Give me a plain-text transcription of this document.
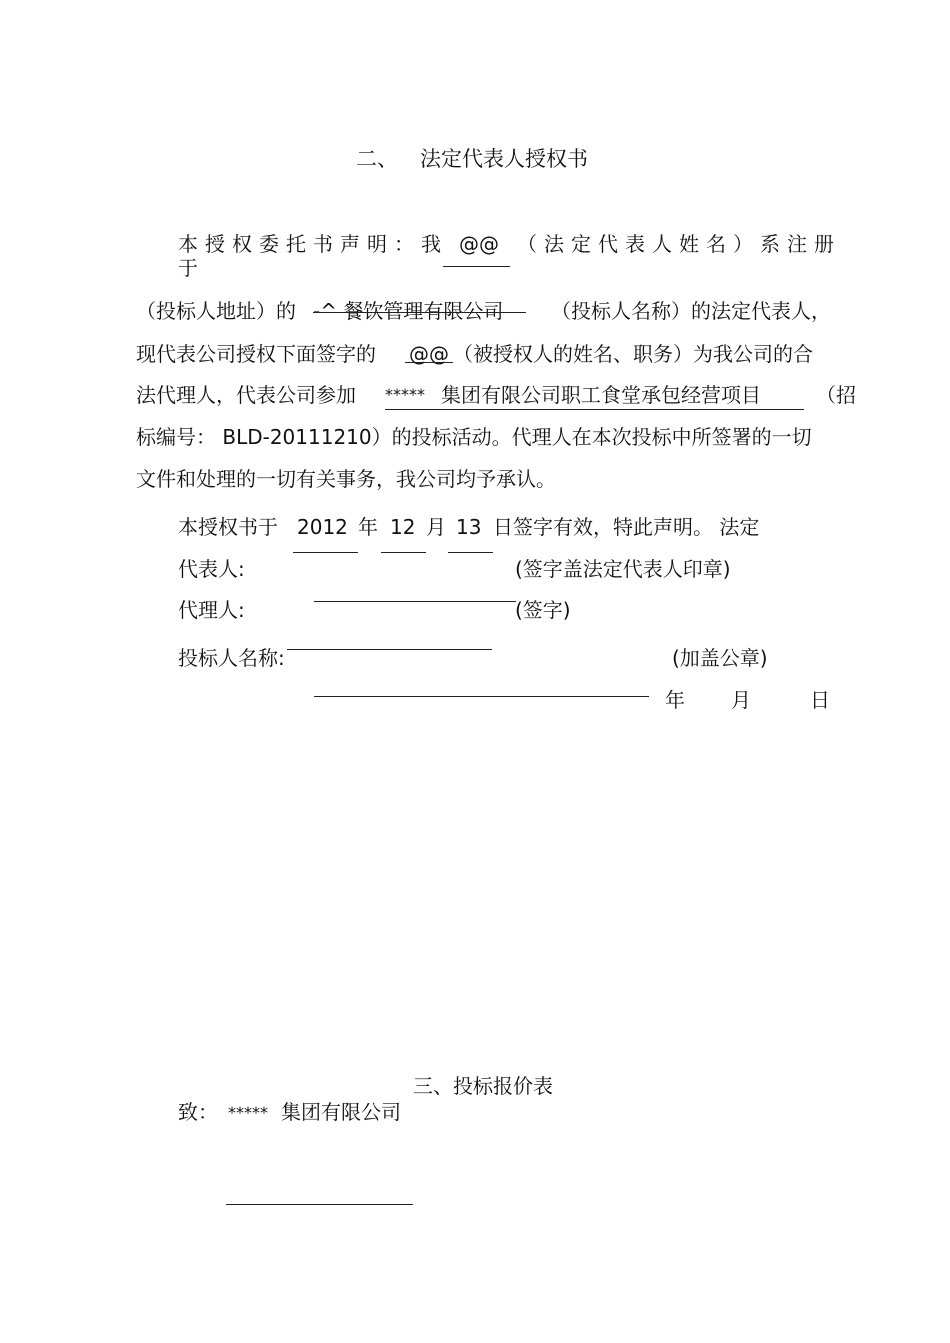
二、 法定代表人授权书
本授权委托书声明：我 @@ （法定代表人姓名）系注册
于
（投标人地址）的 -^ 餐饮管理有限公司 （投标人名称）的法定代表人，
现代表公司授权下面签字的 @@ （被授权人的姓名、职务）为我公司的合
法代理人，代表公司参加 ***** 集团有限公司职工食堂承包经营项目	（招
标编号： BLD-20111210）的投标活动。代理人在本次投标中所签署的一切
文件和处理的一切有关事务，我公司均予承认。
本授权书于 2012 年 12 月 13 日签字有效，特此声明。 法定
代表人:	(签字盖法定代表人印章)
代理人:	(签字)
投标人名称:	(加盖公章)
年 月	日
三、投标报价表
致： ***** 集团有限公司
